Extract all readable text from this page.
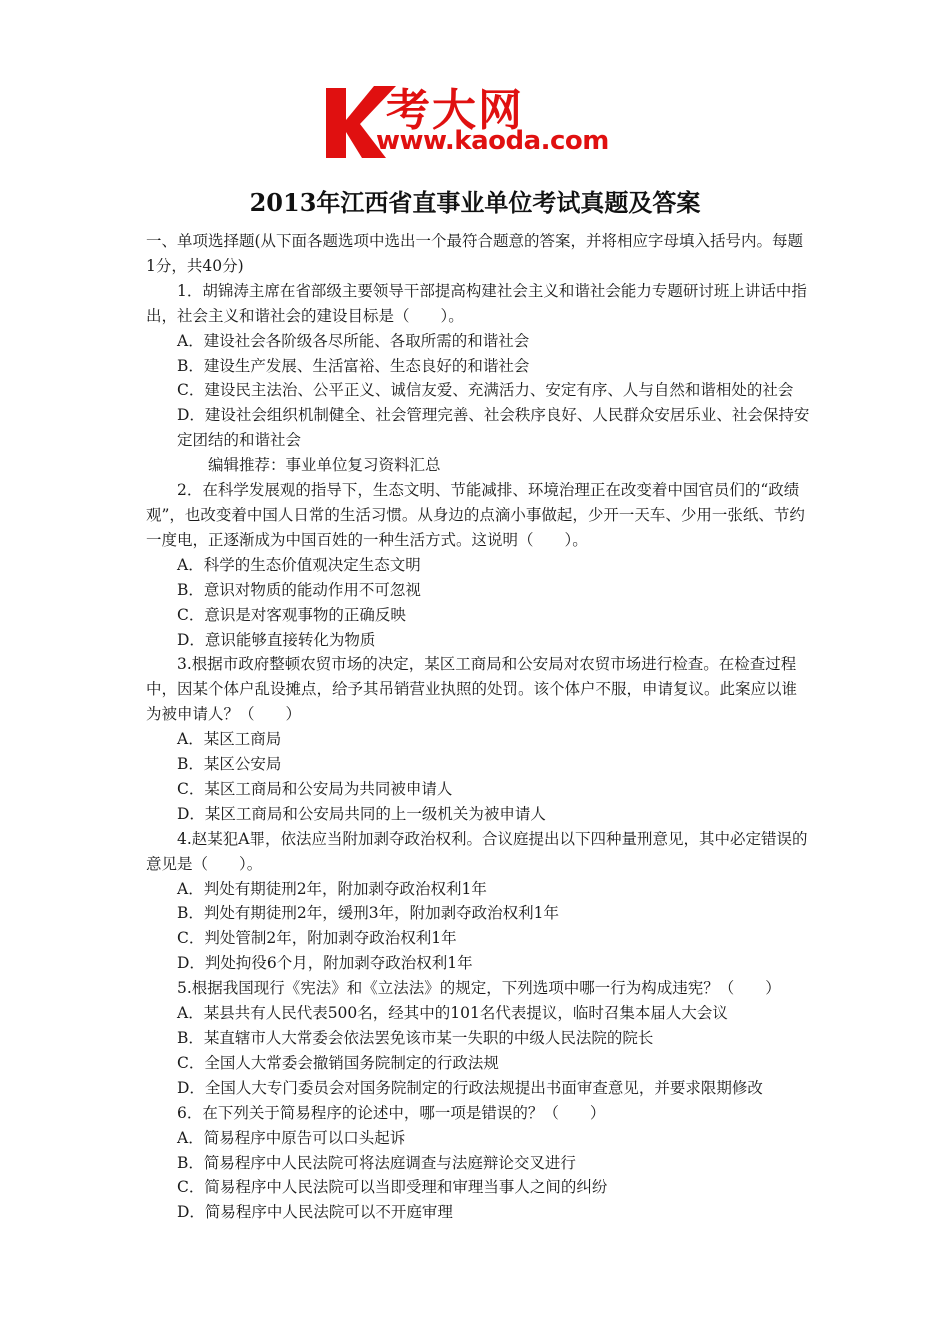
考大网
www.kaoda.com
2013年江西省直事业单位考试真题及答案

一、单项选择题(从下面各题选项中选出一个最符合题意的答案，并将相应字母填入括号内。每题1分，共40分)

1．胡锦涛主席在省部级主要领导干部提高构建社会主义和谐社会能力专题研讨班上讲话中指出，社会主义和谐社会的建设目标是（　　）。

A．建设社会各阶级各尽所能、各取所需的和谐社会

B．建设生产发展、生活富裕、生态良好的和谐社会

C．建设民主法治、公平正义、诚信友爱、充满活力、安定有序、人与自然和谐相处的社会

D．建设社会组织机制健全、社会管理完善、社会秩序良好、人民群众安居乐业、社会保持安定团结的和谐社会

编辑推荐：事业单位复习资料汇总

2．在科学发展观的指导下，生态文明、节能减排、环境治理正在改变着中国官员们的“政绩观”，也改变着中国人日常的生活习惯。从身边的点滴小事做起，少开一天车、少用一张纸、节约一度电，正逐渐成为中国百姓的一种生活方式。这说明（　　）。

A．科学的生态价值观决定生态文明

B．意识对物质的能动作用不可忽视

C．意识是对客观事物的正确反映

D．意识能够直接转化为物质

3.根据市政府整顿农贸市场的决定，某区工商局和公安局对农贸市场进行检查。在检查过程中，因某个体户乱设摊点，给予其吊销营业执照的处罚。该个体户不服，申请复议。此案应以谁为被申请人？（　　）

A．某区工商局

B．某区公安局

C．某区工商局和公安局为共同被申请人

D．某区工商局和公安局共同的上一级机关为被申请人

4.赵某犯A罪，依法应当附加剥夺政治权利。合议庭提出以下四种量刑意见，其中必定错误的意见是（　　）。

A．判处有期徒刑2年，附加剥夺政治权利1年

B．判处有期徒刑2年，缓刑3年，附加剥夺政治权利1年

C．判处管制2年，附加剥夺政治权利1年

D．判处拘役6个月，附加剥夺政治权利1年

5.根据我国现行《宪法》和《立法法》的规定，下列选项中哪一行为构成违宪？（　　）

A．某县共有人民代表500名，经其中的101名代表提议，临时召集本届人大会议

B．某直辖市人大常委会依法罢免该市某一失职的中级人民法院的院长

C．全国人大常委会撤销国务院制定的行政法规

D．全国人大专门委员会对国务院制定的行政法规提出书面审查意见，并要求限期修改

6．在下列关于简易程序的论述中，哪一项是错误的？（　　）

A．简易程序中原告可以口头起诉

B．简易程序中人民法院可将法庭调查与法庭辩论交叉进行

C．简易程序中人民法院可以当即受理和审理当事人之间的纠纷

D．简易程序中人民法院可以不开庭审理
